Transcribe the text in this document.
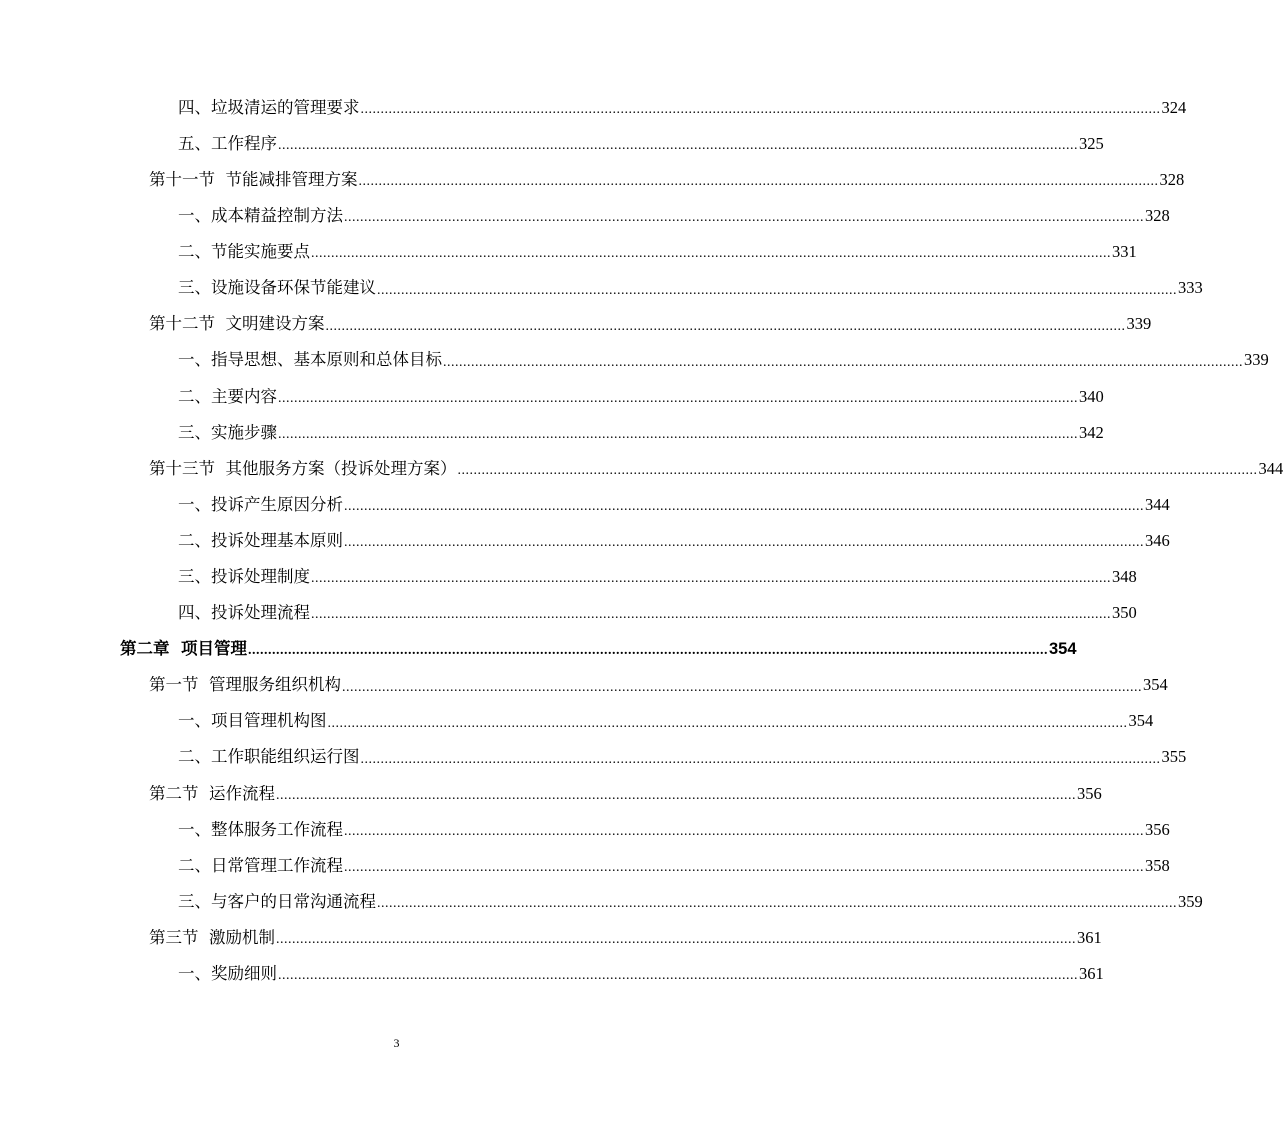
四、垃圾清运的管理要求 ........................................................................................................................................................................................................ 324
五、工作程序 ........................................................................................................................................................................................................ 325
第十一节  节能减排管理方案 ........................................................................................................................................................................................................ 328
一、成本精益控制方法 ........................................................................................................................................................................................................ 328
二、节能实施要点 ........................................................................................................................................................................................................ 331
三、设施设备环保节能建议 ........................................................................................................................................................................................................ 333
第十二节  文明建设方案 ........................................................................................................................................................................................................ 339
一、指导思想、基本原则和总体目标 ........................................................................................................................................................................................................ 339
二、主要内容 ........................................................................................................................................................................................................ 340
三、实施步骤 ........................................................................................................................................................................................................ 342
第十三节  其他服务方案（投诉处理方案） ........................................................................................................................................................................................................ 344
一、投诉产生原因分析 ........................................................................................................................................................................................................ 344
二、投诉处理基本原则 ........................................................................................................................................................................................................ 346
三、投诉处理制度 ........................................................................................................................................................................................................ 348
四、投诉处理流程 ........................................................................................................................................................................................................ 350
第二章  项目管理 ........................................................................................................................................................................................................ 354
第一节  管理服务组织机构 ........................................................................................................................................................................................................ 354
一、项目管理机构图 ........................................................................................................................................................................................................ 354
二、工作职能组织运行图 ........................................................................................................................................................................................................ 355
第二节  运作流程 ........................................................................................................................................................................................................ 356
一、整体服务工作流程 ........................................................................................................................................................................................................ 356
二、日常管理工作流程 ........................................................................................................................................................................................................ 358
三、与客户的日常沟通流程 ........................................................................................................................................................................................................ 359
第三节  激励机制 ........................................................................................................................................................................................................ 361
一、奖励细则 ........................................................................................................................................................................................................ 361
3
